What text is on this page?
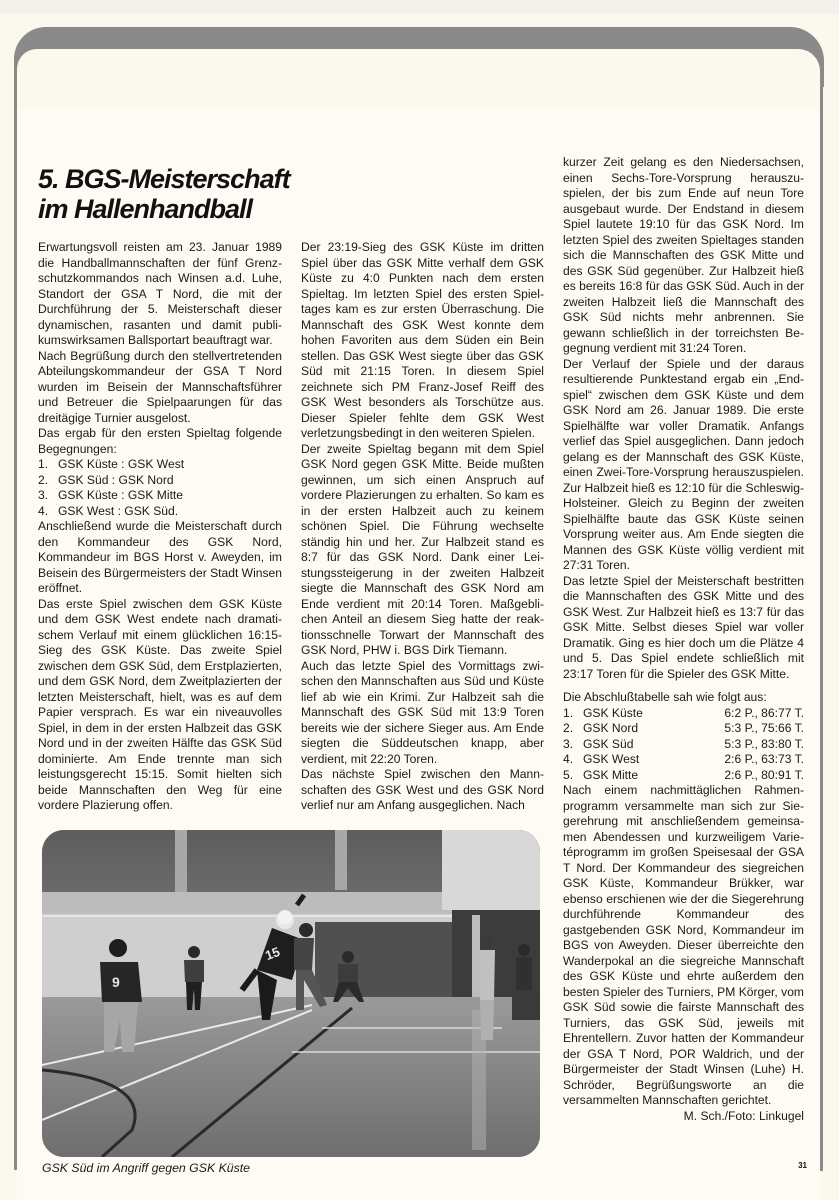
5. BGS-Meisterschaft
im Hallenhandball

Erwartungsvoll reisten am 23. Januar 1989 die Handballmannschaften der fünf Grenzschutzkommandos nach Winsen a.d. Luhe, Standort der GSA T Nord, die mit der Durchführung der 5. Meisterschaft dieser dynamischen, rasanten und damit publikumswirksamen Ballsportart beauftragt war.

Nach Begrüßung durch den stellvertretenden Abteilungskommandeur der GSA T Nord wurden im Beisein der Mannschaftsführer und Betreuer die Spielpaarungen für das dreitägige Turnier ausgelost.

Das ergab für den ersten Spieltag folgende Begegnungen:

1. GSK Küste : GSK West
2. GSK Süd : GSK Nord
3. GSK Küste : GSK Mitte
4. GSK West : GSK Süd.

Anschließend wurde die Meisterschaft durch den Kommandeur des GSK Nord, Kommandeur im BGS Horst v. Aweyden, im Beisein des Bürgermeisters der Stadt Winsen eröffnet.

Das erste Spiel zwischen dem GSK Küste und dem GSK West endete nach dramatischem Verlauf mit einem glücklichen 16:15-Sieg des GSK Küste. Das zweite Spiel zwischen dem GSK Süd, dem Erstplazierten, und dem GSK Nord, dem Zweitplazierten der letzten Meisterschaft, hielt, was es auf dem Papier versprach. Es war ein niveauvolles Spiel, in dem in der ersten Halbzeit das GSK Nord und in der zweiten Hälfte das GSK Süd dominierte. Am Ende trennte man sich leistungsgerecht 15:15. Somit hielten sich beide Mannschaften den Weg für eine vordere Plazierung offen.

Der 23:19-Sieg des GSK Küste im dritten Spiel über das GSK Mitte verhalf dem GSK Küste zu 4:0 Punkten nach dem ersten Spieltag. Im letzten Spiel des ersten Spieltages kam es zur ersten Überraschung. Die Mannschaft des GSK West konnte dem hohen Favoriten aus dem Süden ein Bein stellen. Das GSK West siegte über das GSK Süd mit 21:15 Toren. In diesem Spiel zeichnete sich PM Franz-Josef Reiff des GSK West besonders als Torschütze aus. Dieser Spieler fehlte dem GSK West verletzungsbedingt in den weiteren Spielen.

Der zweite Spieltag begann mit dem Spiel GSK Nord gegen GSK Mitte. Beide mußten gewinnen, um sich einen Anspruch auf vordere Plazierungen zu erhalten. So kam es in der ersten Halbzeit auch zu keinem schönen Spiel. Die Führung wechselte ständig hin und her. Zur Halbzeit stand es 8:7 für das GSK Nord. Dank einer Leistungssteigerung in der zweiten Halbzeit siegte die Mannschaft des GSK Nord am Ende verdient mit 20:14 Toren. Maßgeblichen Anteil an diesem Sieg hatte der reaktionsschnelle Torwart der Mannschaft des GSK Nord, PHW i. BGS Dirk Tiemann.

Auch das letzte Spiel des Vormittags zwischen den Mannschaften aus Süd und Küste lief ab wie ein Krimi. Zur Halbzeit sah die Mannschaft des GSK Süd mit 13:9 Toren bereits wie der sichere Sieger aus. Am Ende siegten die Süddeutschen knapp, aber verdient, mit 22:20 Toren.

Das nächste Spiel zwischen den Mannschaften des GSK West und des GSK Nord verlief nur am Anfang ausgeglichen. Nach

kurzer Zeit gelang es den Niedersachsen, einen Sechs-Tore-Vorsprung herauszuspielen, der bis zum Ende auf neun Tore ausgebaut wurde. Der Endstand in diesem Spiel lautete 19:10 für das GSK Nord. Im letzten Spiel des zweiten Spieltages standen sich die Mannschaften des GSK Mitte und des GSK Süd gegenüber. Zur Halbzeit hieß es bereits 16:8 für das GSK Süd. Auch in der zweiten Halbzeit ließ die Mannschaft des GSK Süd nichts mehr anbrennen. Sie gewann schließlich in der torreichsten Begegnung verdient mit 31:24 Toren.

Der Verlauf der Spiele und der daraus resultierende Punktestand ergab ein „Endspiel“ zwischen dem GSK Küste und dem GSK Nord am 26. Januar 1989. Die erste Spielhälfte war voller Dramatik. Anfangs verlief das Spiel ausgeglichen. Dann jedoch gelang es der Mannschaft des GSK Küste, einen Zwei-Tore-Vorsprung herauszuspielen. Zur Halbzeit hieß es 12:10 für die Schleswig-Holsteiner. Gleich zu Beginn der zweiten Spielhälfte baute das GSK Küste seinen Vorsprung weiter aus. Am Ende siegten die Mannen des GSK Küste völlig verdient mit 27:31 Toren.

Das letzte Spiel der Meisterschaft bestritten die Mannschaften des GSK Mitte und des GSK West. Zur Halbzeit hieß es 13:7 für das GSK Mitte. Selbst dieses Spiel war voller Dramatik. Ging es hier doch um die Plätze 4 und 5. Das Spiel endete schließlich mit 23:17 Toren für die Spieler des GSK Mitte.

Die Abschlußtabelle sah wie folgt aus:

1. GSK Küste	6:2 P., 86:77 T.
2. GSK Nord	5:3 P., 75:66 T.
3. GSK Süd	5:3 P., 83:80 T.
4. GSK West	2:6 P., 63:73 T.
5. GSK Mitte	2:6 P., 80:91 T.

Nach einem nachmittäglichen Rahmenprogramm versammelte man sich zur Siegerehrung mit anschließendem gemeinsamen Abendessen und kurzweiligem Varietéprogramm im großen Speisesaal der GSA T Nord. Der Kommandeur des siegreichen GSK Küste, Kommandeur Brükker, war ebenso erschienen wie der die Siegerehrung durchführende Kommandeur des gastgebenden GSK Nord, Kommandeur im BGS von Aweyden. Dieser überreichte den Wanderpokal an die siegreiche Mannschaft des GSK Küste und ehrte außerdem den besten Spieler des Turniers, PM Körger, vom GSK Süd sowie die fairste Mannschaft des Turniers, das GSK Süd, jeweils mit Ehrentellern. Zuvor hatten der Kommandeur der GSA T Nord, POR Waldrich, und der Bürgermeister der Stadt Winsen (Luhe) H. Schröder, Begrüßungsworte an die versammelten Mannschaften gerichtet.

M. Sch./Foto: Linkugel

9
15
GSK Süd im Angriff gegen GSK Küste	31
